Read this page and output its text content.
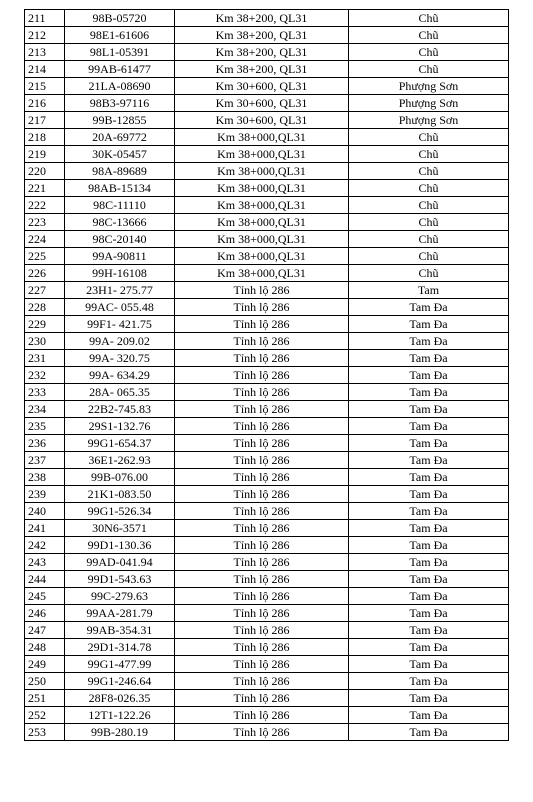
211	98B-05720	Km 38+200, QL31	Chũ
212	98E1-61606	Km 38+200, QL31	Chũ
213	98L1-05391	Km 38+200, QL31	Chũ
214	99AB-61477	Km 38+200, QL31	Chũ
215	21LA-08690	Km 30+600, QL31	Phượng Sơn
216	98B3-97116	Km 30+600, QL31	Phượng Sơn
217	99B-12855	Km 30+600, QL31	Phượng Sơn
218	20A-69772	Km 38+000,QL31	Chũ
219	30K-05457	Km 38+000,QL31	Chũ
220	98A-89689	Km 38+000,QL31	Chũ
221	98AB-15134	Km 38+000,QL31	Chũ
222	98C-11110	Km 38+000,QL31	Chũ
223	98C-13666	Km 38+000,QL31	Chũ
224	98C-20140	Km 38+000,QL31	Chũ
225	99A-90811	Km 38+000,QL31	Chũ
226	99H-16108	Km 38+000,QL31	Chũ
227	23H1- 275.77	Tỉnh lộ 286	Tam
228	99AC- 055.48	Tỉnh lộ 286	Tam Đa
229	99F1- 421.75	Tỉnh lộ 286	Tam Đa
230	99A- 209.02	Tỉnh lộ 286	Tam Đa
231	99A- 320.75	Tỉnh lộ 286	Tam Đa
232	99A- 634.29	Tỉnh lộ 286	Tam Đa
233	28A- 065.35	Tỉnh lộ 286	Tam Đa
234	22B2-745.83	Tỉnh lộ 286	Tam Đa
235	29S1-132.76	Tỉnh lộ 286	Tam Đa
236	99G1-654.37	Tỉnh lộ 286	Tam Đa
237	36E1-262.93	Tỉnh lộ 286	Tam Đa
238	99B-076.00	Tỉnh lộ 286	Tam Đa
239	21K1-083.50	Tỉnh lộ 286	Tam Đa
240	99G1-526.34	Tỉnh lộ 286	Tam Đa
241	30N6-3571	Tỉnh lộ 286	Tam Đa
242	99D1-130.36	Tỉnh lộ 286	Tam Đa
243	99AD-041.94	Tỉnh lộ 286	Tam Đa
244	99D1-543.63	Tỉnh lộ 286	Tam Đa
245	99C-279.63	Tỉnh lộ 286	Tam Đa
246	99AA-281.79	Tỉnh lộ 286	Tam Đa
247	99AB-354.31	Tỉnh lộ 286	Tam Đa
248	29D1-314.78	Tỉnh lộ 286	Tam Đa
249	99G1-477.99	Tỉnh lộ 286	Tam Đa
250	99G1-246.64	Tỉnh lộ 286	Tam Đa
251	28F8-026.35	Tỉnh lộ 286	Tam Đa
252	12T1-122.26	Tỉnh lộ 286	Tam Đa
253	99B-280.19	Tỉnh lộ 286	Tam Đa
